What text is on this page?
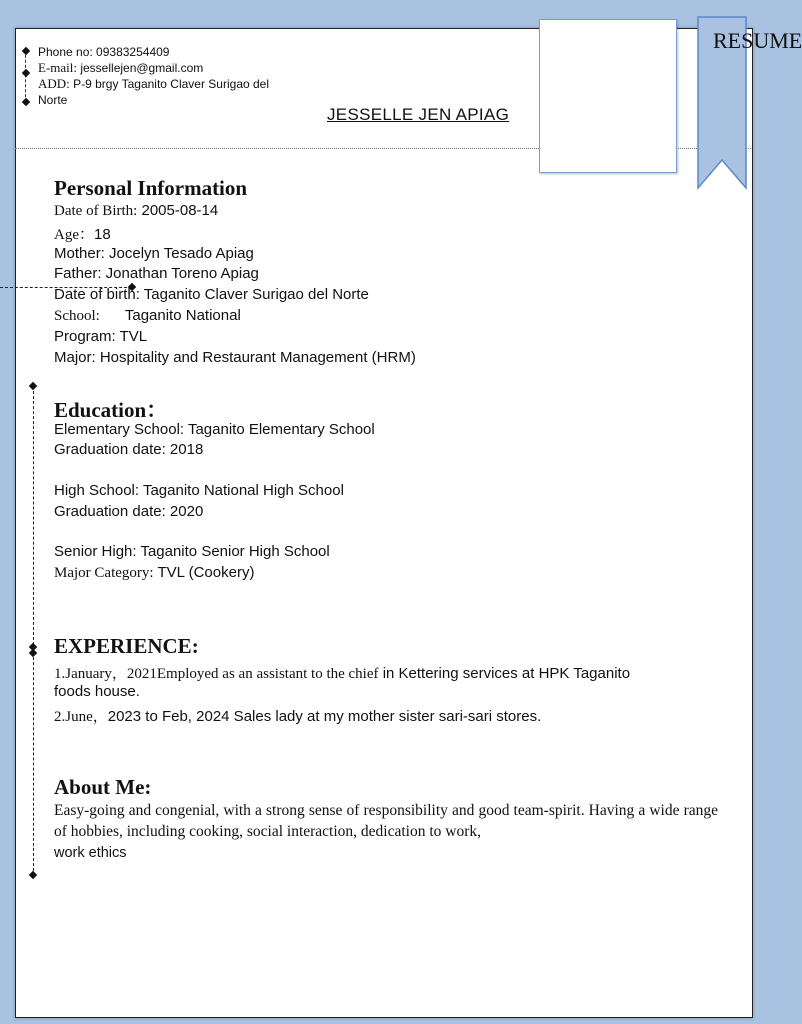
Phone no: 09383254409
E-mail: jessellejen@gmail.com
ADD: P-9 brgy Taganito Claver Surigao del
Norte
JESSELLE JEN APIAG
RESUME
Personal Information
Date of Birth: 2005-08-14
Age：18
Mother: Jocelyn Tesado Apiag
Father: Jonathan Toreno Apiag
Date of birth: Taganito Claver Surigao del Norte
School: Taganito National
Program: TVL
Major: Hospitality and Restaurant Management (HRM)
Education：
Elementary School: Taganito Elementary School
Graduation date: 2018
High School: Taganito National High School
Graduation date: 2020
Senior High: Taganito Senior High School
Major Category: TVL (Cookery)
EXPERIENCE:
1.January，2021Employed as an assistant to the chief in Kettering services at HPK Taganito
foods house.
2.June，2023 to Feb, 2024 Sales lady at my mother sister sari-sari stores.
About Me:
Easy-going and congenial, with a strong sense of responsibility and good team-spirit. Having a wide range of hobbies, including cooking, social interaction, dedication to work,
work ethics
